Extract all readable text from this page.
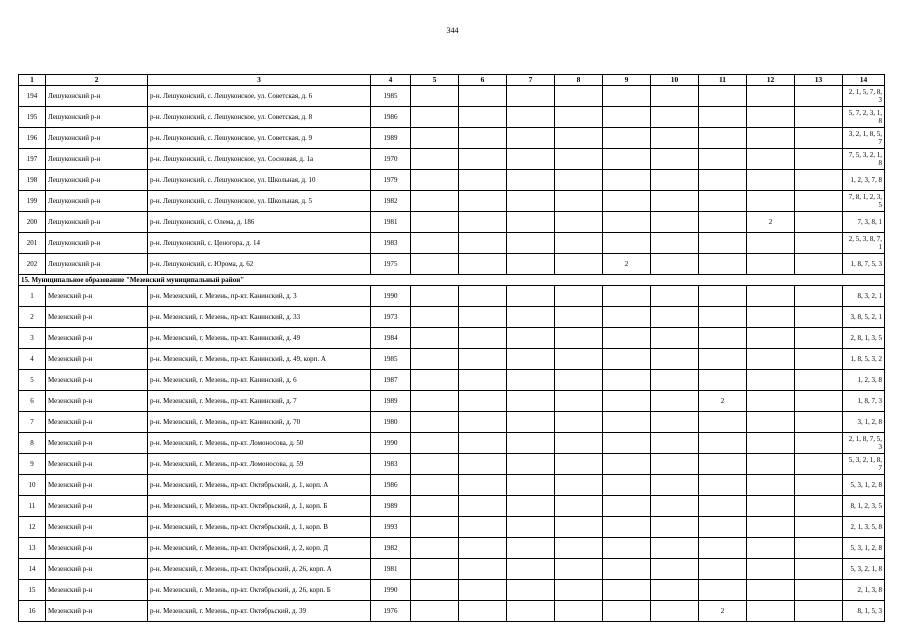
344
1	2	3	4	5	6	7	8	9	10	11	12	13	14
194	Лешуконский р-н	р-н. Лешуконский, с. Лешуконское, ул. Советская, д. 6	1985										2, 1, 5, 7, 8, 3
195	Лешуконский р-н	р-н. Лешуконский, с. Лешуконское, ул. Советская, д. 8	1986										5, 7, 2, 3, 1, 8
196	Лешуконский р-н	р-н. Лешуконский, с. Лешуконское, ул. Советская, д. 9	1989										3, 2, 1, 8, 5, 7
197	Лешуконский р-н	р-н. Лешуконский, с. Лешуконское, ул. Сосновая, д. 1а	1970										7, 5, 3, 2, 1, 8
198	Лешуконский р-н	р-н. Лешуконский, с. Лешуконское, ул. Школьная, д. 10	1979										1, 2, 3, 7, 8
199	Лешуконский р-н	р-н. Лешуконский, с. Лешуконское, ул. Школьная, д. 5	1982										7, 8, 1, 2, 3, 5
200	Лешуконский р-н	р-н. Лешуконский, с. Олема, д. 186	1981								2		7, 3, 8, 1
201	Лешуконский р-н	р-н. Лешуконский, с. Ценогора, д. 14	1983										2, 5, 3, 8, 7, 1
202	Лешуконский р-н	р-н. Лешуконский, с. Юрома, д. 62	1975					2					1, 8, 7, 5, 3
15. Муниципальное образование "Мезенский муниципальный район"													
1	Мезенский р-н	р-н. Мезенский, г. Мезень, пр-кт. Канинский, д. 3	1990										8, 3, 2, 1
2	Мезенский р-н	р-н. Мезенский, г. Мезень, пр-кт. Канинский, д. 33	1973										3, 8, 5, 2, 1
3	Мезенский р-н	р-н. Мезенский, г. Мезень, пр-кт. Канинский, д. 49	1984										2, 8, 1, 3, 5
4	Мезенский р-н	р-н. Мезенский, г. Мезень, пр-кт. Канинский, д. 49, корп. А	1985										1, 8, 5, 3, 2
5	Мезенский р-н	р-н. Мезенский, г. Мезень, пр-кт. Канинский, д. 6	1987										1, 2, 3, 8
6	Мезенский р-н	р-н. Мезенский, г. Мезень, пр-кт. Канинский, д. 7	1989							2			1, 8, 7, 3
7	Мезенский р-н	р-н. Мезенский, г. Мезень, пр-кт. Канинский, д. 70	1980										3, 1, 2, 8
8	Мезенский р-н	р-н. Мезенский, г. Мезень, пр-кт. Ломоносова, д. 50	1990										2, 1, 8, 7, 5, 3
9	Мезенский р-н	р-н. Мезенский, г. Мезень, пр-кт. Ломоносова, д. 59	1983										5, 3, 2, 1, 8, 7
10	Мезенский р-н	р-н. Мезенский, г. Мезень, пр-кт. Октябрьский, д. 1, корп. А	1986										5, 3, 1, 2, 8
11	Мезенский р-н	р-н. Мезенский, г. Мезень, пр-кт. Октябрьский, д. 1, корп. Б	1989										8, 1, 2, 3, 5
12	Мезенский р-н	р-н. Мезенский, г. Мезень, пр-кт. Октябрьский, д. 1, корп. В	1993										2, 1, 3, 5, 8
13	Мезенский р-н	р-н. Мезенский, г. Мезень, пр-кт. Октябрьский, д. 2, корп. Д	1982										5, 3, 1, 2, 8
14	Мезенский р-н	р-н. Мезенский, г. Мезень, пр-кт. Октябрьский, д. 26, корп. А	1981										5, 3, 2, 1, 8
15	Мезенский р-н	р-н. Мезенский, г. Мезень, пр-кт. Октябрьский, д. 26, корп. Б	1990										2, 1, 3, 8
16	Мезенский р-н	р-н. Мезенский, г. Мезень, пр-кт. Октябрьский, д. 39	1976							2			8, 1, 5, 3
